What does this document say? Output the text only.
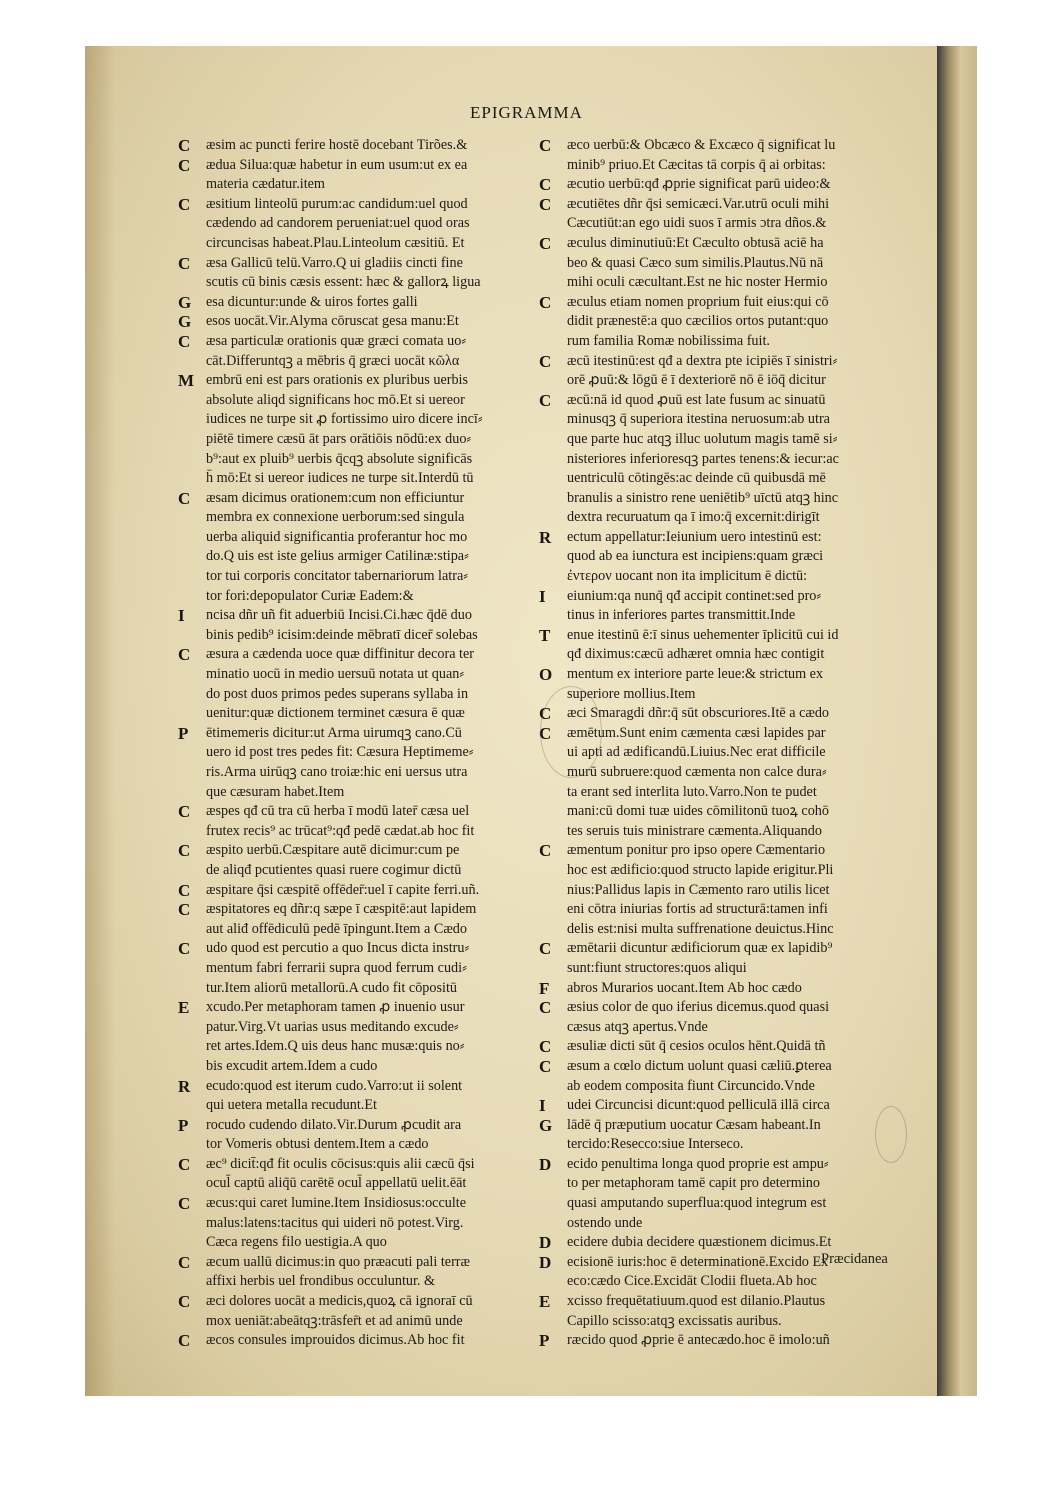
EPIGRAMMA
C	æsim ac puncti ferire hostē docebant Tirões.&
C	ædua Silua:quæ habetur in eum usum:ut ex ea
materia cædatur.item
C	æsitium linteolū purum:ac candidum:uel quod
cædendo ad candorem perueniat:uel quod oras
circuncisas habeat.Plau.Linteolum cæsitiū. Et
C	æsa Gallicū telū.Varro.Q ui gladiis cincti fine
scutis cū binis cæsis essent: hæc & gallorꝝ ligua
G	esa dicuntur:unde & uiros fortes galli
G	esos uocāt.Vir.Alyma cōruscat gesa manu:Et
C	æsa particulæ orationis quæ græci comata uo⸗
cāt.Differuntqꝫ a mēbris q̄ græci uocāt κῶλα
M embrū eni est pars orationis ex pluribus uerbis
absolute aliqd significans hoc mō.Et si uereor
iudices ne turpe sit ꝓ fortissimo uiro dicere incī⸗
piētē timere cæsū āt pars orātiōis nōdū:ex duo⸗
b⁹:aut ex pluib⁹ uerbis q̄cqꝫ absolute significās
h̄ mō:Et si uereor iudices ne turpe sit.Interdū tū
C	æsam dicimus orationem:cum non efficiuntur
membra ex connexione uerborum:sed singula
uerba aliquid significantia proferantur hoc mo
do.Q uis est iste gelius armiger Catilinæ:stipa⸗
tor tui corporis concitator tabernariorum latra⸗
tor fori:depopulator Curiæ Eadem:&
I	ncisa dñr uñ fit aduerbiū Incisi.Ci.hæc q̄dē duo
binis pedib⁹ icisim:deinde mēbratī dicer̄ solebas
C	æsura a cædenda uoce quæ diffinitur decora ter
minatio uocū in medio uersuū notata ut quan⸗
do post duos primos pedes superans syllaba in
uenitur:quæ dictionem terminet cæsura ē quæ
P	ētimemeris dicitur:ut Arma uirumqꝫ cano.Cū
uero id post tres pedes fit: Cæsura Heptimeme⸗
ris.Arma uirūqꝫ cano troiæ:hic eni uersus utra
que cæsuram habet.Item
C	æspes qđ cū tra cū herba ī modū later̄ cæsa uel
frutex recis⁹ ac trūcat⁹:qđ pedē cædat.ab hoc fit
C	æspito uerbū.Cæspitare autē dicimur:cum pe
de aliqđ pcutientes quasi ruere cogimur dictū
C	æspitare q̄si cæspitē offēder̄:uel ī capite ferri.uñ.
C	æspitatores eq dñr:q sæpe ī cæspitē:aut lapidem
aut aliđ offēdiculū pedē īpingunt.Item a Cædo
C	udo quod est percutio a quo Incus dicta instru⸗
mentum fabri ferrarii supra quod ferrum cudi⸗
tur.Item aliorū metallorū.A cudo fit cōpositū
E	xcudo.Per metaphoram tamen ꝓ inuenio usur
patur.Virg.Vt uarias usus meditando excude⸗
ret artes.Idem.Q uis deus hanc musæ:quis no⸗
bis excudit artem.Idem a cudo
R	ecudo:quod est iterum cudo.Varro:ut ii solent
qui uetera metalla recudunt.Et
P	rocudo cudendo dilato.Vir.Durum ꝓcudit ara
tor Vomeris obtusi dentem.Item a cædo
C	æc⁹ dicit̄:qđ fit oculis cōcisus:quis alii cæcū q̄si
ocul̄ captū aliq̄ū carētē ocul̄ appellatū uelit.ēāt
C	æcus:qui caret lumine.Item Insidiosus:occulte
malus:latens:tacitus qui uideri nō potest.Virg.
Cæca regens filo uestigia.A quo
C	æcum uallū dicimus:in quo præacuti pali terræ
affixi herbis uel frondibus occuluntur. &
C	æci dolores uocāt a medicis,quoꝝ cā ignoraī cū
mox ueniāt:abeātqꝫ:trāsfer̄t et ad animū unde
C	æcos consules improuidos dicimus.Ab hoc fit
C	æco uerbū:& Obcæco & Excæco q̄ significat lu
minib⁹ priuo.Et Cæcitas tā corpis q̄ ai orbitas:
C	æcutio uerbū:qđ ꝓprie significat parū uideo:&
C	æcutiētes dñr q̄si semicæci.Var.utrū oculi mihi
Cæcutiūt:an ego uidi suos ī armis ɔtra dños.&
C	æculus diminutiuū:Et Cæculto obtusā aciē ha
beo & quasi Cæco sum similis.Plautus.Nū nā
mihi oculi cæcultant.Est ne hic noster Hermio
C	æculus etiam nomen proprium fuit eius:qui cō
didit prænestē:a quo cæcilios ortos putant:quo
rum familia Romæ nobilissima fuit.
C	æcū itestinū:est qđ a dextra pte icipiēs ī sinistri⸗
orē ꝓuū:& lōgū ē ī dexteriorē nō ē iōq̄ dicitur
C	æcū:nā id quod ꝓuū est late fusum ac sinuatū
minusqꝫ q̄ superiora itestina neruosum:ab utra
que parte huc atqꝫ illuc uolutum magis tamē si⸗
nisteriores inferioresqꝫ partes tenens:& iecur:ac
uentriculū cōtingēs:ac deinde cū quibusdā mē
branulis a sinistro rene ueniētib⁹ uīctū atqꝫ hinc
dextra recuruatum qa ī imo:q̄ excernit:dirigīt
R	ectum appellatur:Ieiunium uero intestinū est:
quod ab ea iunctura est incipiens:quam græci
ἐντερον uocant non ita implicitum ē dictū:
I	eiunium:qa nunq̄ qđ accipit continet:sed pro⸗
tinus in inferiores partes transmittit.Inde
T	enue itestinū ē:ī sinus uehementer īplicitū cui id
qđ diximus:cæcū adhæret omnia hæc contigit
O	mentum ex interiore parte leue:& strictum ex
superiore mollius.Item
C	æci Smaragdi dñr:q̄ sūt obscuriores.Itē a cædo
C	æmētum.Sunt enim cæmenta cæsi lapides par
ui apti ad ædificandū.Liuius.Nec erat difficile
murū subruere:quod cæmenta non calce dura⸗
ta erant sed interlita luto.Varro.Non te pudet
mani:cū domi tuæ uides cōmilitonū tuoꝝ cohō
tes seruis tuis ministrare cæmenta.Aliquando
C	æmentum ponitur pro ipso opere Cæmentario
hoc est ædificio:quod structo lapide erigitur.Pli
nius:Pallidus lapis in Cæmento raro utilis licet
eni cōtra iniurias fortis ad structurā:tamen infi
delis est:nisi multa suffrenatione deuictus.Hinc
C	æmētarii dicuntur ædificiorum quæ ex lapidib⁹
sunt:fiunt structores:quos aliqui
F	abros Murarios uocant.Item Ab hoc cædo
C	æsius color de quo iferius dicemus.quod quasi
cæsus atqꝫ apertus.Vnde
C	æsuliæ dicti sūt q̄ cesios oculos hēnt.Quidā tñ
C	æsum a cœlo dictum uolunt quasi cæliū.ꝑterea
ab eodem composita fiunt Circuncido.Vnde
I	udei Circuncisi dicunt:quod pelliculā illā circa
G	lādē q̄ præputium uocatur Cæsam habeant.In
tercido:Resecco:siue Interseco.
D	ecido penultima longa quod proprie est ampu⸗
to per metaphoram tamē capit pro determino
quasi amputando superflua:quod integrum est
ostendo unde
D	ecidere dubia decidere quæstionem dicimus.Et
D	ecisionē iuris:hoc ē determinationē.Excido Ex
eco:cædo Cice.Excidāt Clodii flueta.Ab hoc
E	xcisso frequētatiuum.quod est dilanio.Plautus
Capillo scisso:atqꝫ excissatis auribus.
P	ræcido quod ꝓprie ē antecædo.hoc ē imolo:uñ
Præcidanea
